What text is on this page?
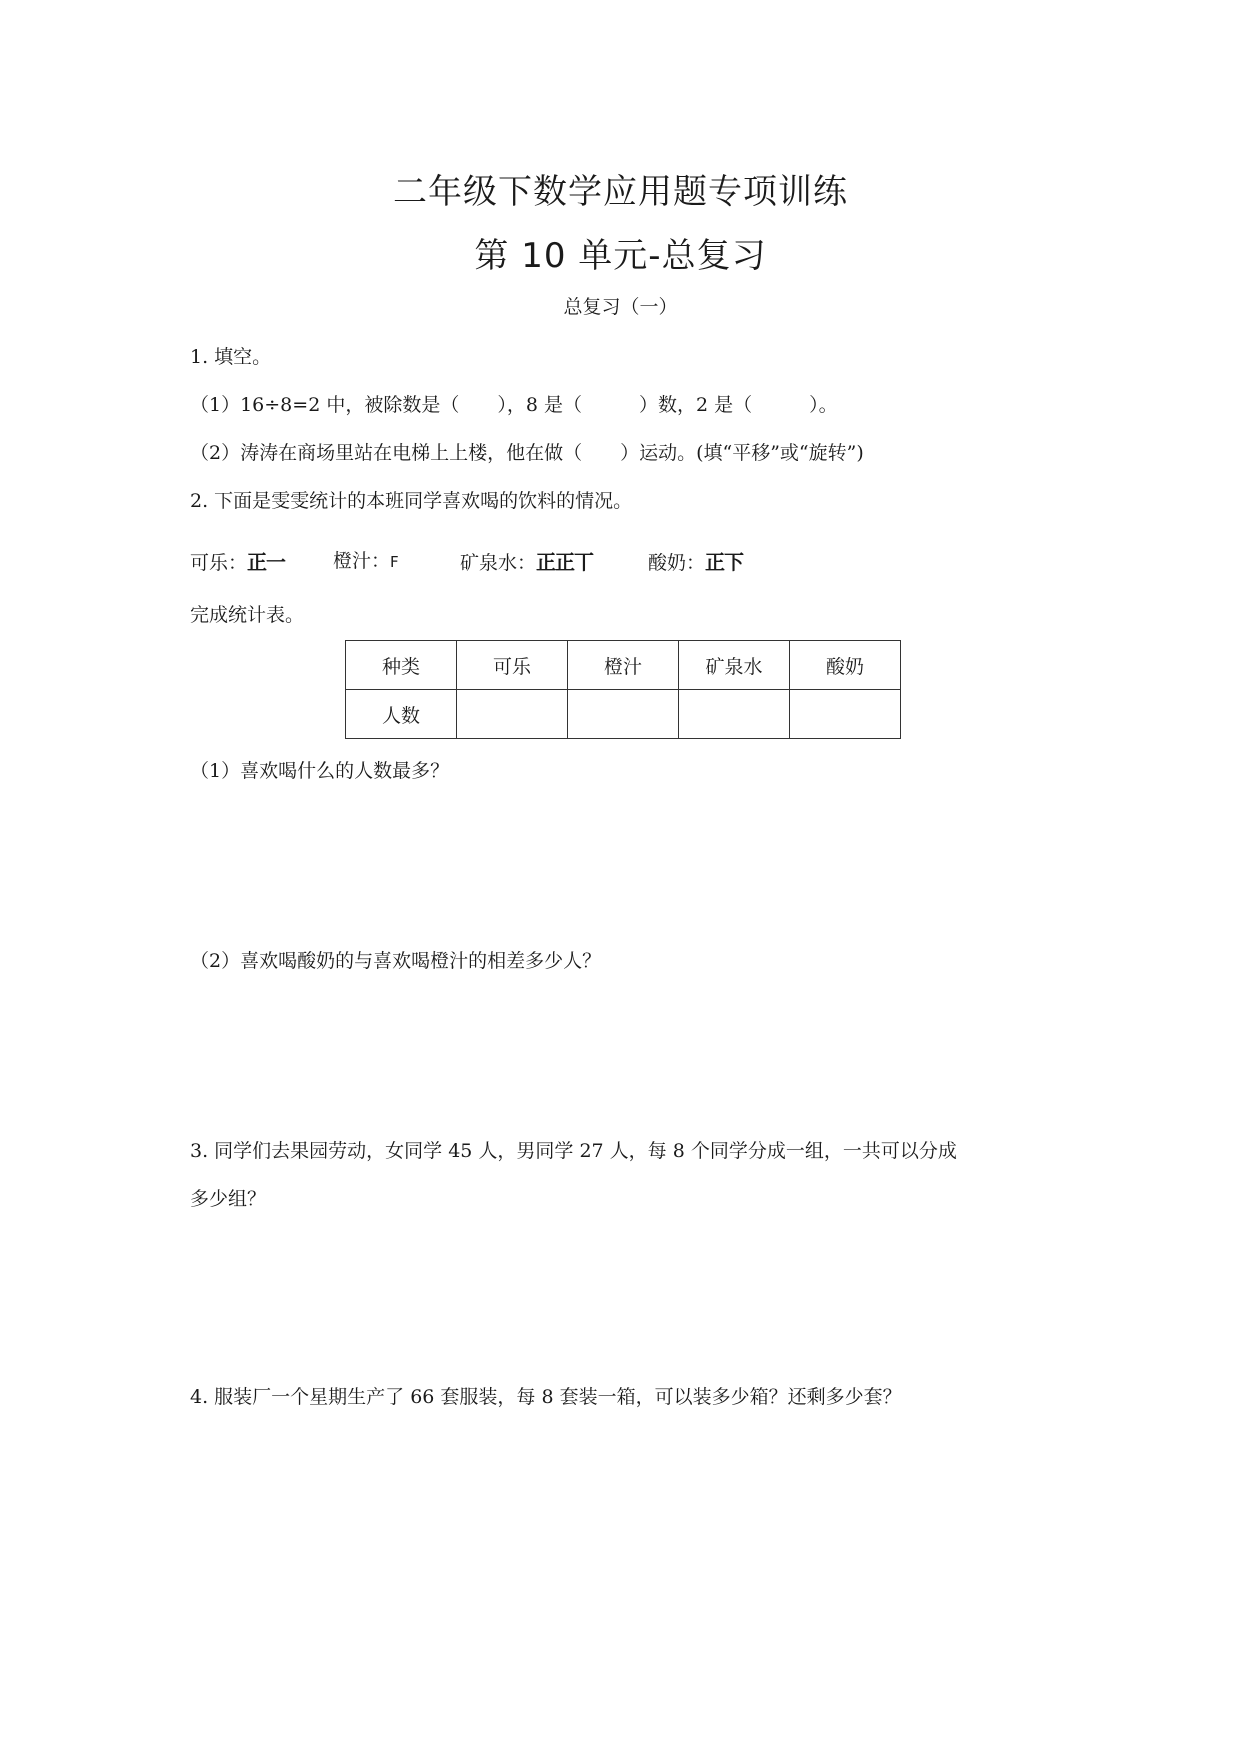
二年级下数学应用题专项训练
第 10 单元-总复习
总复习（一）
1. 填空。
（1）16÷8=2 中，被除数是（　　），8 是（　　　）数，2 是（　　　）。
（2）涛涛在商场里站在电梯上上楼，他在做（　　）运动。(填“平移”或“旋转”)
2. 下面是雯雯统计的本班同学喜欢喝的饮料的情况。
可乐：正一	橙汁：F	矿泉水：正正丅	酸奶：正下
完成统计表。
种类	可乐	橙汁	矿泉水	酸奶
人数				
（1）喜欢喝什么的人数最多？
（2）喜欢喝酸奶的与喜欢喝橙汁的相差多少人？
3. 同学们去果园劳动，女同学 45 人，男同学 27 人，每 8 个同学分成一组，一共可以分成
多少组？
4. 服装厂一个星期生产了 66 套服装，每 8 套装一箱，可以装多少箱？还剩多少套？
